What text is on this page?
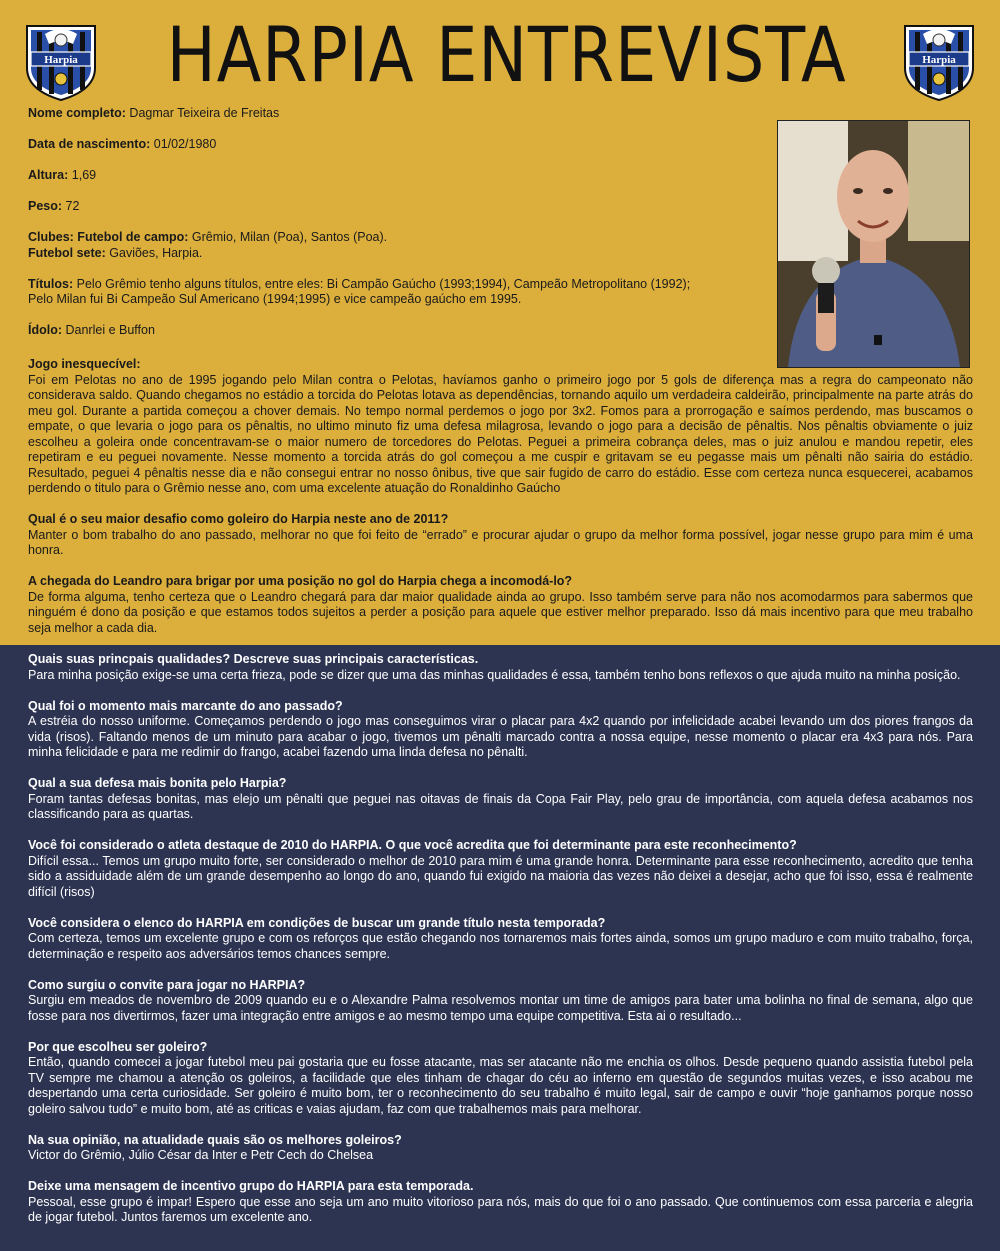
Harpia HARPIA ENTREVISTA	Harpia
Nome completo: Dagmar Teixeira de Freitas
Data de nascimento: 01/02/1980
Altura: 1,69
Peso: 72
Clubes: Futebol de campo: Grêmio, Milan (Poa), Santos (Poa).
Futebol sete: Gaviões, Harpia.
Títulos: Pelo Grêmio tenho alguns títulos, entre eles: Bi Campão Gaúcho (1993;1994), Campeão Metropolitano (1992);
Pelo Milan fui Bi Campeão Sul Americano (1994;1995) e vice campeão gaúcho em 1995.
Ídolo: Danrlei e Buffon
Jogo inesquecível:
Foi em Pelotas no ano de 1995 jogando pelo Milan contra o Pelotas, havíamos ganho o primeiro jogo por 5 gols de diferença mas a regra do campeonato não considerava saldo. Quando chegamos no estádio a torcida do Pelotas lotava as dependências, tornando aquilo um verdadeira caldeirão, principalmente na parte atrás do meu gol. Durante a partida começou a chover demais. No tempo normal perdemos o jogo por 3x2. Fomos para a prorrogação e saímos perdendo, mas buscamos o empate, o que levaria o jogo para os pênaltis, no ultimo minuto fiz uma defesa milagrosa, levando o jogo para a decisão de pênaltis. Nos pênaltis obviamente o juiz escolheu a goleira onde concentravam-se o maior numero de torcedores do Pelotas. Peguei a primeira cobrança deles, mas o juiz anulou e mandou repetir, eles repetiram e eu peguei novamente. Nesse momento a torcida atrás do gol começou a me cuspir e gritavam se eu pegasse mais um pênalti não sairia do estádio. Resultado, peguei 4 pênaltis nesse dia e não consegui entrar no nosso ônibus, tive que sair fugido de carro do estádio. Esse com certeza nunca esquecerei, acabamos perdendo o titulo para o Grêmio nesse ano, com uma excelente atuação do Ronaldinho Gaúcho
Qual é o seu maior desafio como goleiro do Harpia neste ano de 2011?
Manter o bom trabalho do ano passado, melhorar no que foi feito de “errado” e procurar ajudar o grupo da melhor forma possível, jogar nesse grupo para mim é uma honra.
A chegada do Leandro para brigar por uma posição no gol do Harpia chega a incomodá-lo?
De forma alguma, tenho certeza que o Leandro chegará para dar maior qualidade ainda ao grupo. Isso também serve para não nos acomodarmos para sabermos que ninguém é dono da posição e que estamos todos sujeitos a perder a posição para aquele que estiver melhor preparado. Isso dá mais incentivo para que meu trabalho seja melhor a cada dia.
Quais suas princpais qualidades? Descreve suas principais características.
Para minha posição exige-se uma certa frieza, pode se dizer que uma das minhas qualidades é essa, também tenho bons reflexos o que ajuda muito na minha posição.
Qual foi o momento mais marcante do ano passado?
A estréia do nosso uniforme. Começamos perdendo o jogo mas conseguimos virar o placar para 4x2 quando por infelicidade acabei levando um dos piores frangos da vida (risos). Faltando menos de um minuto para acabar o jogo, tivemos um pênalti marcado contra a nossa equipe, nesse momento o placar era 4x3 para nós. Para minha felicidade e para me redimir do frango, acabei fazendo uma linda defesa no pênalti.
Qual a sua defesa mais bonita pelo Harpia?
Foram tantas defesas bonitas, mas elejo um pênalti que peguei nas oitavas de finais da Copa Fair Play, pelo grau de importância, com aquela defesa acabamos nos classificando para as quartas.
Você foi considerado o atleta destaque de 2010 do HARPIA. O que você acredita que foi determinante para este reconhecimento?
Difícil essa... Temos um grupo muito forte, ser considerado o melhor de 2010 para mim é uma grande honra. Determinante para esse reconhecimento, acredito que tenha sido a assiduidade além de um grande desempenho ao longo do ano, quando fui exigido na maioria das vezes não deixei a desejar, acho que foi isso, essa é realmente difícil (risos)
Você considera o elenco do HARPIA em condições de buscar um grande título nesta temporada?
Com certeza, temos um excelente grupo e com os reforços que estão chegando nos tornaremos mais fortes ainda, somos um grupo maduro e com muito trabalho, força, determinação e respeito aos adversários temos chances sempre.
Como surgiu o convite para jogar no HARPIA?
Surgiu em meados de novembro de 2009 quando eu e o Alexandre Palma resolvemos montar um time de amigos para bater uma bolinha no final de semana, algo que fosse para nos divertirmos, fazer uma integração entre amigos e ao mesmo tempo uma equipe competitiva. Esta ai o resultado...
Por que escolheu ser goleiro?
Então, quando comecei a jogar futebol meu pai gostaria que eu fosse atacante, mas ser atacante não me enchia os olhos. Desde pequeno quando assistia futebol pela TV sempre me chamou a atenção os goleiros, a facilidade que eles tinham de chagar do céu ao inferno em questão de segundos muitas vezes, e isso acabou me despertando uma certa curiosidade. Ser goleiro é muito bom, ter o reconhecimento do seu trabalho é muito legal, sair de campo e ouvir “hoje ganhamos porque nosso goleiro salvou tudo” e muito bom, até as criticas e vaias ajudam, faz com que trabalhemos mais para melhorar.
Na sua opinião, na atualidade quais são os melhores goleiros?
Victor do Grêmio, Júlio César da Inter e Petr Cech do Chelsea
Deixe uma mensagem de incentivo grupo do HARPIA para esta temporada.
Pessoal, esse grupo é impar! Espero que esse ano seja um ano muito vitorioso para nós, mais do que foi o ano passado. Que continuemos com essa parceria e alegria de jogar futebol. Juntos faremos um excelente ano.
